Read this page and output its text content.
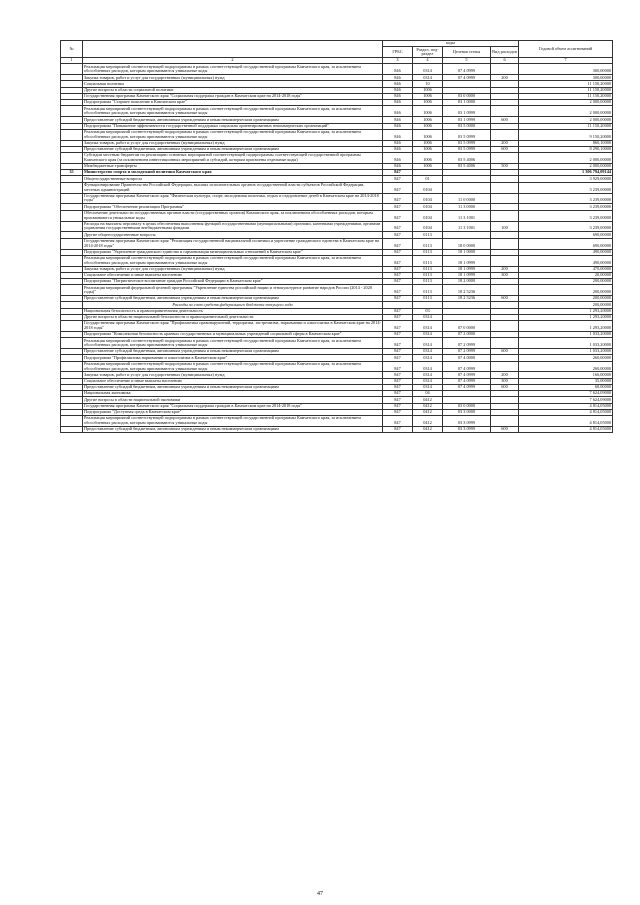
№		коды				Годовой объем ассигнований
		ГРБС	Раздел, под-раздел	Целевая статья	Вид расходов	
1	2	3	4	5	6	7
	Реализация мероприятий соответствующей подпрограммы в рамках соответствующей государственной программы Камчатского края, за исключением обособленных расходов, которым присваиваются уникальные коды	846	0314	07 4 0999		300,00000
	Закупка товаров, работ и услуг для государственных (муниципальных) нужд	846	0314	07 4 0999	200	300,00000
	Социальная политика	846	10			11 150,20000
	Другие вопросы в области социальной политики	846	1006			11 150,20000
	Государственная программа Камчатского края "Социальная поддержка граждан в Камчатском крае на 2014-2018 годы"	846	1006	03 0 0000		11 150,20000
	Подпрограмма "Старшее поколение в Камчатском крае"	846	1006	03 1 0000		2 000,00000
	Реализация мероприятий соответствующей подпрограммы в рамках соответствующей государственной программы Камчатского края, за исключением обособленных расходов, которым присваиваются уникальные коды	846	1006	03 1 0999		2 000,00000
	Предоставление субсидий бюджетным, автономным учреждениям и иным некоммерческим организациям	846	1006	03 1 0999	600	2 000,00000
	Подпрограмма "Повышение эффективности государственной поддержки социально ориентированных некоммерческих организаций"	846	1006	03 5 0000		11 150,20000
	Реализация мероприятий соответствующей подпрограммы в рамках соответствующей государственной программы Камчатского края, за исключением обособленных расходов, которым присваиваются уникальные коды	846	1006	03 5 0999		9 150,20000
	Закупка товаров, работ и услуг для государственных (муниципальных) нужд	846	1006	03 5 0999	200	860,10000
	Предоставление субсидий бюджетным, автономным учреждениям и иным некоммерческим организациям	846	1006	03 5 0999	600	8 290,10000
	Субсидии местным бюджетам на реализацию основных мероприятий соответствующей подпрограммы соответствующей государственной программы Камчатского края (за исключением инвестиционных мероприятий и субсидий, которым присвоены отдельные коды)	846	1006	03 5 4006		2 000,00000
	Межбюджетные трансферты	846	1006	03 5 4006	500	2 000,00000
35	Министерство спорта и молодежной политики Камчатского края	847				1 306 794,09144
	Общегосударственные вопросы	847	01			3 929,00000
	Функционирование Правительства Российской Федерации, высших исполнительных органов государственной власти субъектов Российской Федерации, местных администраций	847	0104			3 239,00000
	Государственная программа Камчатского края "Физическая культура, спорт, молодежная политика, отдых и оздоровление детей в Камчатском крае на 2014-2018 годы"	847	0104	11 0 0000		3 239,00000
	Подпрограмма "Обеспечение реализации Программы"	847	0104	11 3 0000		3 239,00000
	Обеспечение деятельности государственных органов власти (государственных органов) Камчатского края, за исключением обособленных расходов, которым присваиваются уникальные коды	847	0104	11 3 1001		3 239,00000
	Расходы на выплаты персоналу в целях обеспечения выполнения функций государственными (муниципальными) органами, казенными учреждениями, органами управления государственными внебюджетными фондами	847	0104	11 3 1001	100	3 239,00000
	Другие общегосударственные вопросы	847	0113			690,00000
	Государственная программа Камчатского края "Реализация государственной национальной политики и укрепление гражданского единства в Камчатском крае на 2014-2018 годы"	847	0113	18 0 0000		690,00000
	Подпрограмма "Укрепление гражданского единства и гармонизация межнациональных отношений в Камчатском крае"	847	0113	18 1 0000		490,00000
	Реализация мероприятий соответствующей подпрограммы в рамках соответствующей государственной программы Камчатского края, за исключением обособленных расходов, которым присваиваются уникальные коды	847	0113	18 1 0999		490,00000
	Закупка товаров, работ и услуг для государственных (муниципальных) нужд	847	0113	18 1 0999	200	470,00000
	Социальное обеспечение и иные выплаты населению	847	0113	18 1 0999	300	20,00000
	Подпрограмма "Патриотическое воспитание граждан Российской Федерации в Камчатском крае"	847	0113	18 2 0000		200,00000
	Реализация мероприятий федеральной целевой программы "Укрепление единства российской нации и этнокультурное развитие народов России (2014 - 2020 годы)"	847	0113	18 2 5236		200,00000
	Предоставление субсидий бюджетным, автономным учреждениям и иным некоммерческим организациям	847	0113	18 2 5236	600	200,00000
	Расходы за счет средств федерального бюджета текущего года					200,00000
	Национальная безопасность и правоохранительная деятельность	847	03			1 293,20000
	Другие вопросы в области национальной безопасности и правоохранительной деятельности	847	0314			1 293,20000
	Государственная программа Камчатского края "Профилактика правонарушений, терроризма, экстремизма, наркомании и алкоголизма в Камчатском крае на 2014-2018 годы"	847	0314	07 0 0000		1 293,20000
	Подпрограмма "Комплексная безопасность краевых государственных и муниципальных учреждений социальной сферы в Камчатском крае"	847	0314	07 2 0000		1 033,20000
	Реализация мероприятий соответствующей подпрограммы в рамках соответствующей государственной программы Камчатского края, за исключением обособленных расходов, которым присваиваются уникальные коды	847	0314	07 2 0999		1 033,20000
	Предоставление субсидий бюджетным, автономным учреждениям и иным некоммерческим организациям	847	0314	07 2 0999	600	1 033,20000
	Подпрограмма "Профилактика наркомании и алкоголизма в Камчатском крае"	847	0314	07 4 0000		260,00000
	Реализация мероприятий соответствующей подпрограммы в рамках соответствующей государственной программы Камчатского края, за исключением обособленных расходов, которым присваиваются уникальные коды	847	0314	07 4 0999		260,00000
	Закупка товаров, работ и услуг для государственных (муниципальных) нужд	847	0314	07 4 0999	200	166,00000
	Социальное обеспечение и иные выплаты населению	847	0314	07 4 0999	300	35,00000
	Предоставление субсидий бюджетным, автономным учреждениям и иным некоммерческим организациям	847	0314	07 4 0999	600	60,00000
	Национальная экономика	847	04			7 624,09000
	Другие вопросы в области национальной экономики	847	0412			7 624,09000
	Государственная программа Камчатского края "Социальная поддержка граждан в Камчатском крае на 2014-2018 годы"	847	0412	03 0 0000		4 814,05000
	Подпрограмма "Доступная среда в Камчатском крае"	847	0412	03 3 0000		4 814,05000
	Реализация мероприятий соответствующей подпрограммы в рамках соответствующей государственной программы Камчатского края, за исключением обособленных расходов, которым присваиваются уникальные коды	847	0412	03 3 0999		4 814,05000
	Предоставление субсидий бюджетным, автономным учреждениям и иным некоммерческим организациям	847	0412	03 3 0999	600	4 814,05000
47
